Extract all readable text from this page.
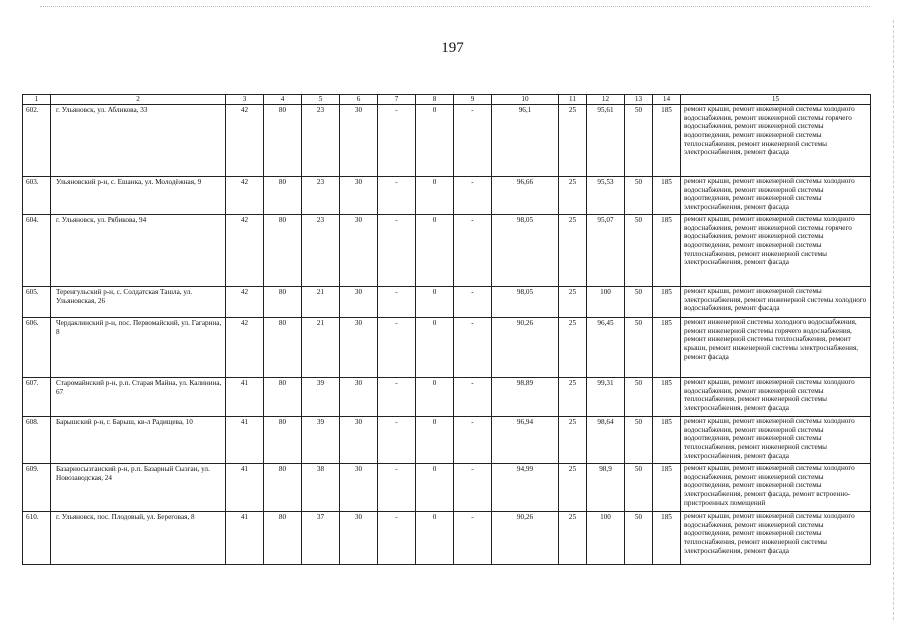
197
1	2	3	4	5	6	7	8	9	10	11	12	13	14	15
602.	г. Ульяновск, ул. Абликова, 33	42	80	23	30	-	0	-	96,1	25	95,61	50	185	ремонт крыши, ремонт инженерной системы холодного водоснабжения, ремонт инженерной системы горячего водоснабжения, ремонт инженерной системы водоотведения, ремонт инженерной системы теплоснабжения, ремонт инженерной системы электроснабжения, ремонт фасада
603.	Ульяновский р-н, с. Ешанка, ул. Молодёжная, 9	42	80	23	30	-	0	-	96,66	25	95,53	50	185	ремонт крыши, ремонт инженерной системы холодного водоснабжения, ремонт инженерной системы водоотведения, ремонт инженерной системы электроснабжения, ремонт фасада
604.	г. Ульяновск, ул. Рябикова, 94	42	80	23	30	-	0	-	98,05	25	95,07	50	185	ремонт крыши, ремонт инженерной системы холодного водоснабжения, ремонт инженерной системы горячего водоснабжения, ремонт инженерной системы водоотведения, ремонт инженерной системы теплоснабжения, ремонт инженерной системы электроснабжения, ремонт фасада
605.	Теренгульский р-н, с. Солдатская Ташла, ул. Ульяновская, 26	42	80	21	30	-	0	-	98,05	25	100	50	185	ремонт крыши, ремонт инженерной системы электроснабжения, ремонт инженерной системы холодного водоснабжения, ремонт фасада
606.	Чердаклинский р-н, пос. Первомайский, ул. Гагарина, 8	42	80	21	30	-	0	-	90,26	25	96,45	50	185	ремонт инженерной системы холодного водоснабжения, ремонт инженерной системы горячего водоснабжения, ремонт инженерной системы теплоснабжения, ремонт крыши, ремонт инженерной системы электроснабжения, ремонт фасада
607.	Старомайнский р-н, р.п. Старая Майна, ул. Калинина, 67	41	80	39	30	-	0	-	98,89	25	99,31	50	185	ремонт крыши, ремонт инженерной системы холодного водоснабжения, ремонт инженерной системы теплоснабжения, ремонт инженерной системы электроснабжения, ремонт фасада
608.	Барышский р-н, г. Барыш, кв-л Радищева, 10	41	80	39	30	-	0	-	96,94	25	98,64	50	185	ремонт крыши, ремонт инженерной системы холодного водоснабжения, ремонт инженерной системы водоотведения, ремонт инженерной системы теплоснабжения, ремонт инженерной системы электроснабжения, ремонт фасада
609.	Базарносызганский р-н, р.п. Базарный Сызган, ул. Новозаводская, 24	41	80	38	30	-	0	-	94,99	25	98,9	50	185	ремонт крыши, ремонт инженерной системы холодного водоснабжения, ремонт инженерной системы водоотведения, ремонт инженерной системы электроснабжения, ремонт фасада, ремонт встроенно-пристроенных помещений
610.	г. Ульяновск, пос. Плодовый, ул. Береговая, 8	41	80	37	30	-	0	-	90,26	25	100	50	185	ремонт крыши, ремонт инженерной системы холодного водоснабжения, ремонт инженерной системы водоотведения, ремонт инженерной системы теплоснабжения, ремонт инженерной системы электроснабжения, ремонт фасада
